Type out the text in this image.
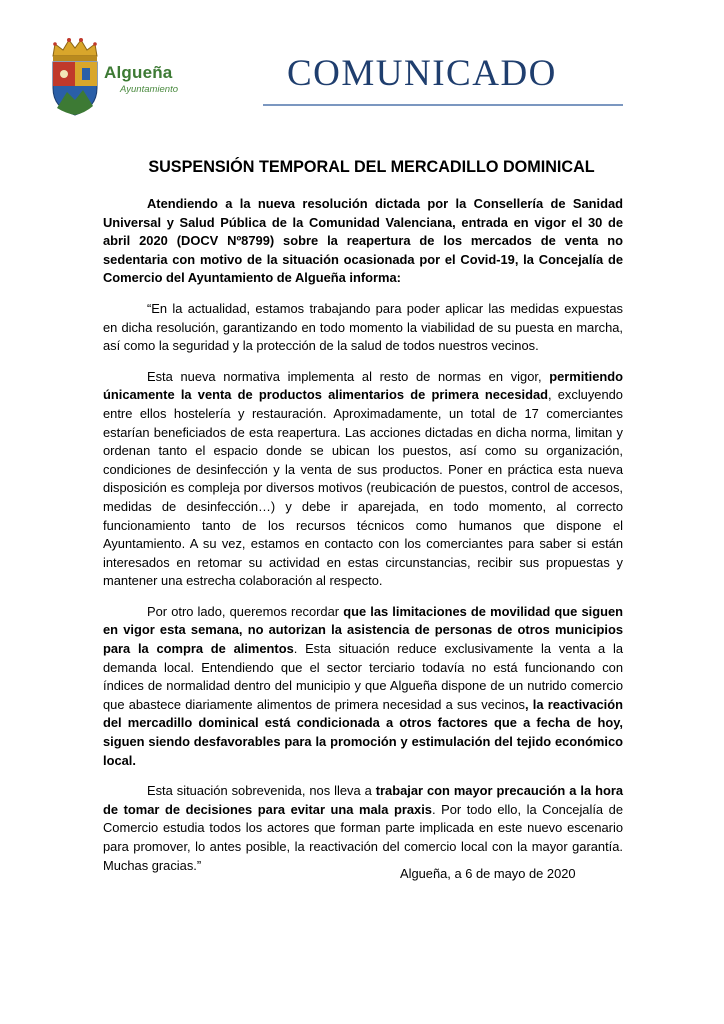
Algueña
Ayuntamiento	COMUNICADO
SUSPENSIÓN TEMPORAL DEL MERCADILLO DOMINICAL

Atendiendo a la nueva resolución dictada por la Consellería de Sanidad Universal y Salud Pública de la Comunidad Valenciana, entrada en vigor el 30 de abril 2020 (DOCV Nº8799) sobre la reapertura de los mercados de venta no sedentaria con motivo de la situación ocasionada por el Covid-19, la Concejalía de Comercio del Ayuntamiento de Algueña informa:

“En la actualidad, estamos trabajando para poder aplicar las medidas expuestas en dicha resolución, garantizando en todo momento la viabilidad de su puesta en marcha, así como la seguridad y la protección de la salud de todos nuestros vecinos.

Esta nueva normativa implementa al resto de normas en vigor, permitiendo únicamente la venta de productos alimentarios de primera necesidad, excluyendo entre ellos hostelería y restauración. Aproximadamente, un total de 17 comerciantes estarían beneficiados de esta reapertura. Las acciones dictadas en dicha norma, limitan y ordenan tanto el espacio donde se ubican los puestos, así como su organización, condiciones de desinfección y la venta de sus productos. Poner en práctica esta nueva disposición es compleja por diversos motivos (reubicación de puestos, control de accesos, medidas de desinfección…) y debe ir aparejada, en todo momento, al correcto funcionamiento tanto de los recursos técnicos como humanos que dispone el Ayuntamiento. A su vez, estamos en contacto con los comerciantes para saber si están interesados en retomar su actividad en estas circunstancias, recibir sus propuestas y mantener una estrecha colaboración al respecto.

Por otro lado, queremos recordar que las limitaciones de movilidad que siguen en vigor esta semana, no autorizan la asistencia de personas de otros municipios para la compra de alimentos. Esta situación reduce exclusivamente la venta a la demanda local. Entendiendo que el sector terciario todavía no está funcionando con índices de normalidad dentro del municipio y que Algueña dispone de un nutrido comercio que abastece diariamente alimentos de primera necesidad a sus vecinos, la reactivación del mercadillo dominical está condicionada a otros factores que a fecha de hoy, siguen siendo desfavorables para la promoción y estimulación del tejido económico local.

Esta situación sobrevenida, nos lleva a trabajar con mayor precaución a la hora de tomar de decisiones para evitar una mala praxis. Por todo ello, la Concejalía de Comercio estudia todos los actores que forman parte implicada en este nuevo escenario para promover, lo antes posible, la reactivación del comercio local con la mayor garantía. Muchas gracias.”

Algueña, a 6 de mayo de 2020
